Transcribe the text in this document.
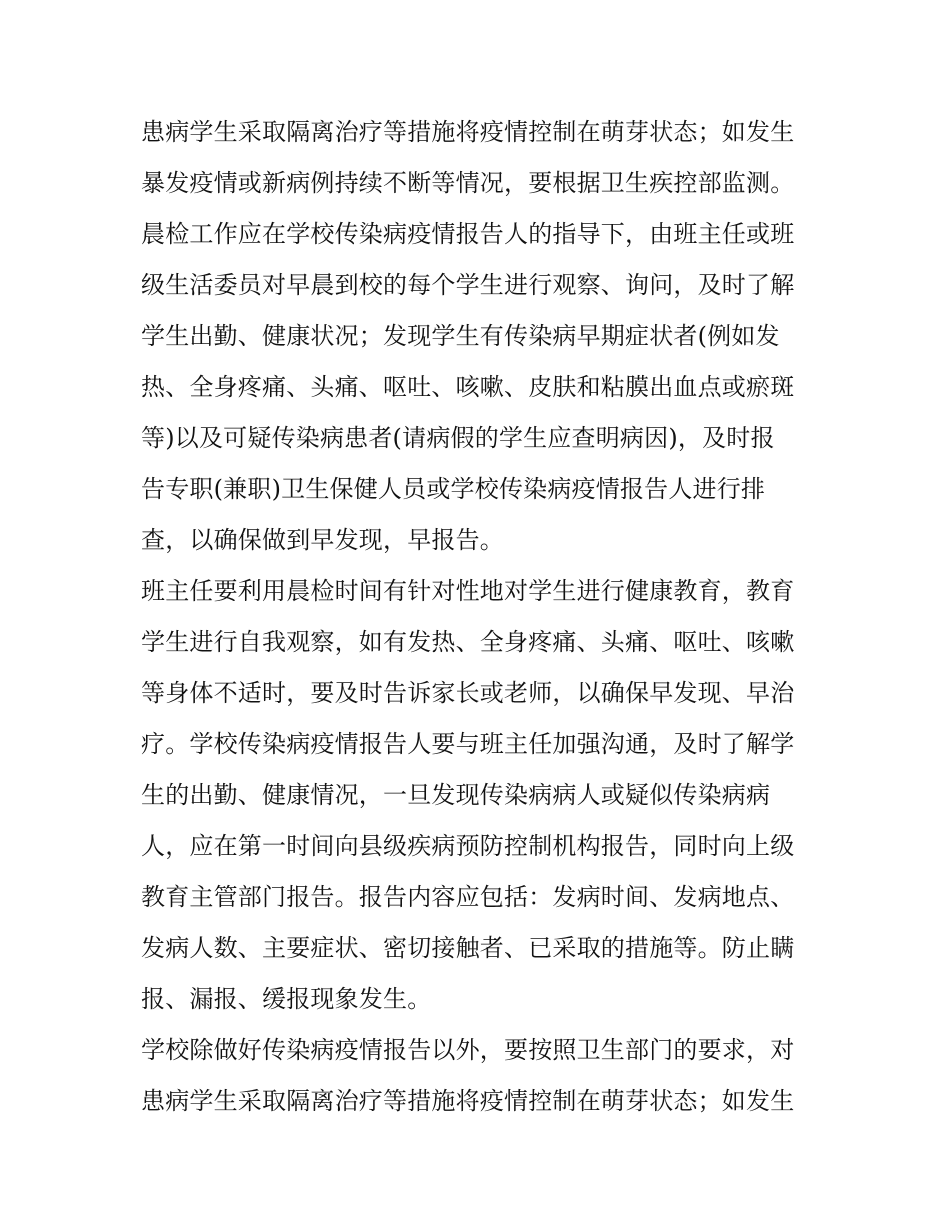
患病学生采取隔离治疗等措施将疫情控制在萌芽状态；如发生
暴发疫情或新病例持续不断等情况，要根据卫生疾控部监测。
晨检工作应在学校传染病疫情报告人的指导下，由班主任或班
级生活委员对早晨到校的每个学生进行观察、询问，及时了解
学生出勤、健康状况；发现学生有传染病早期症状者(例如发
热、全身疼痛、头痛、呕吐、咳嗽、皮肤和粘膜出血点或瘀斑
等)以及可疑传染病患者(请病假的学生应查明病因)，及时报
告专职(兼职)卫生保健人员或学校传染病疫情报告人进行排
查，以确保做到早发现，早报告。
班主任要利用晨检时间有针对性地对学生进行健康教育，教育
学生进行自我观察，如有发热、全身疼痛、头痛、呕吐、咳嗽
等身体不适时，要及时告诉家长或老师，以确保早发现、早治
疗。学校传染病疫情报告人要与班主任加强沟通，及时了解学
生的出勤、健康情况，一旦发现传染病病人或疑似传染病病
人，应在第一时间向县级疾病预防控制机构报告，同时向上级
教育主管部门报告。报告内容应包括：发病时间、发病地点、
发病人数、主要症状、密切接触者、已采取的措施等。防止瞒
报、漏报、缓报现象发生。
学校除做好传染病疫情报告以外，要按照卫生部门的要求，对
患病学生采取隔离治疗等措施将疫情控制在萌芽状态；如发生
